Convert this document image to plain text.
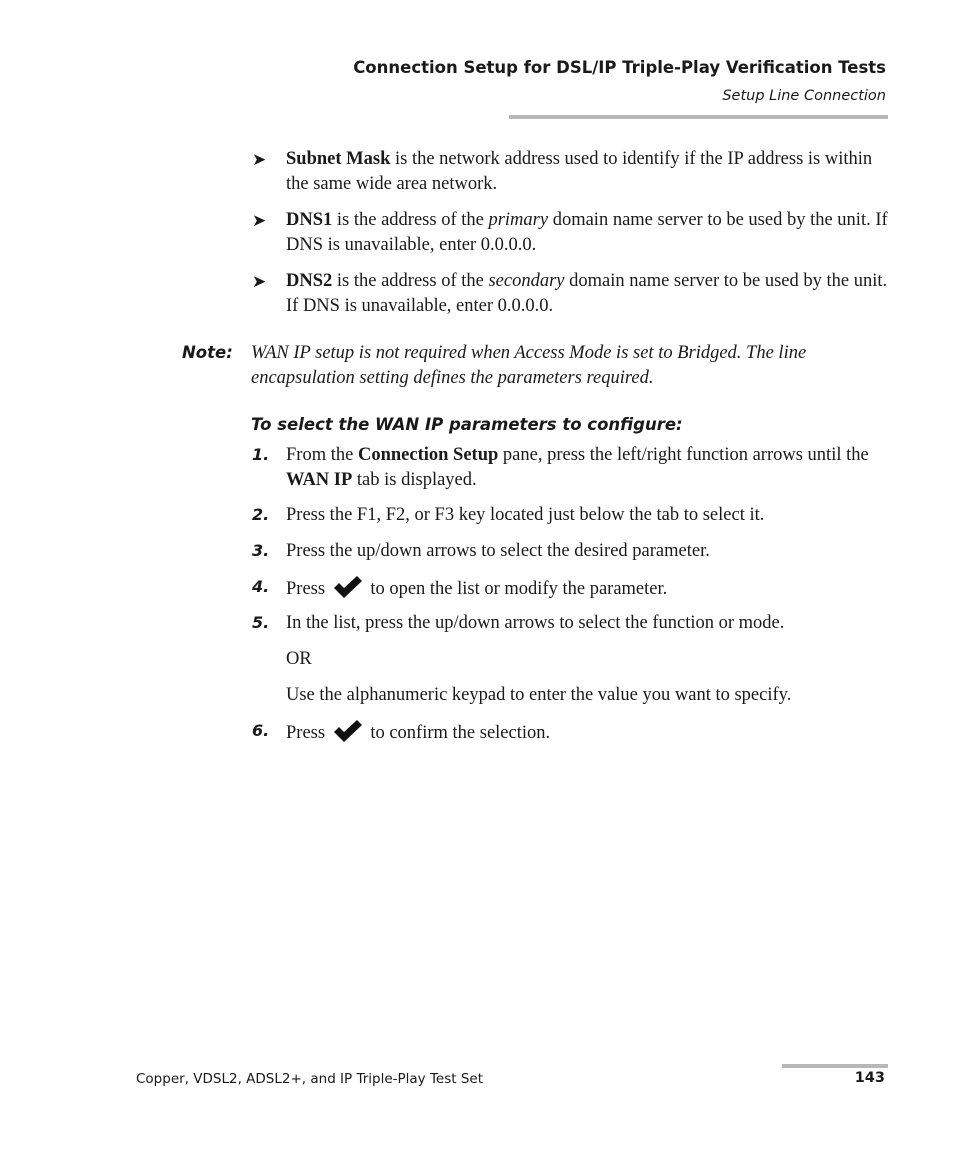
Connection Setup for DSL/IP Triple-Play Verification Tests
Setup Line Connection
➤ Subnet Mask is the network address used to identify if the IP address is within the same wide area network.
➤ DNS1 is the address of the primary domain name server to be used by the unit. If DNS is unavailable, enter 0.0.0.0.
➤ DNS2 is the address of the secondary domain name server to be used by the unit. If DNS is unavailable, enter 0.0.0.0.
Note: WAN IP setup is not required when Access Mode is set to Bridged. The line encapsulation setting defines the parameters required.
To select the WAN IP parameters to configure:
1. From the Connection Setup pane, press the left/right function arrows until the WAN IP tab is displayed.
2. Press the F1, F2, or F3 key located just below the tab to select it.
3. Press the up/down arrows to select the desired parameter.
4. Press  to open the list or modify the parameter.
5. In the list, press the up/down arrows to select the function or mode.
OR
Use the alphanumeric keypad to enter the value you want to specify.
6. Press  to confirm the selection.
Copper, VDSL2, ADSL2+, and IP Triple-Play Test Set	143
